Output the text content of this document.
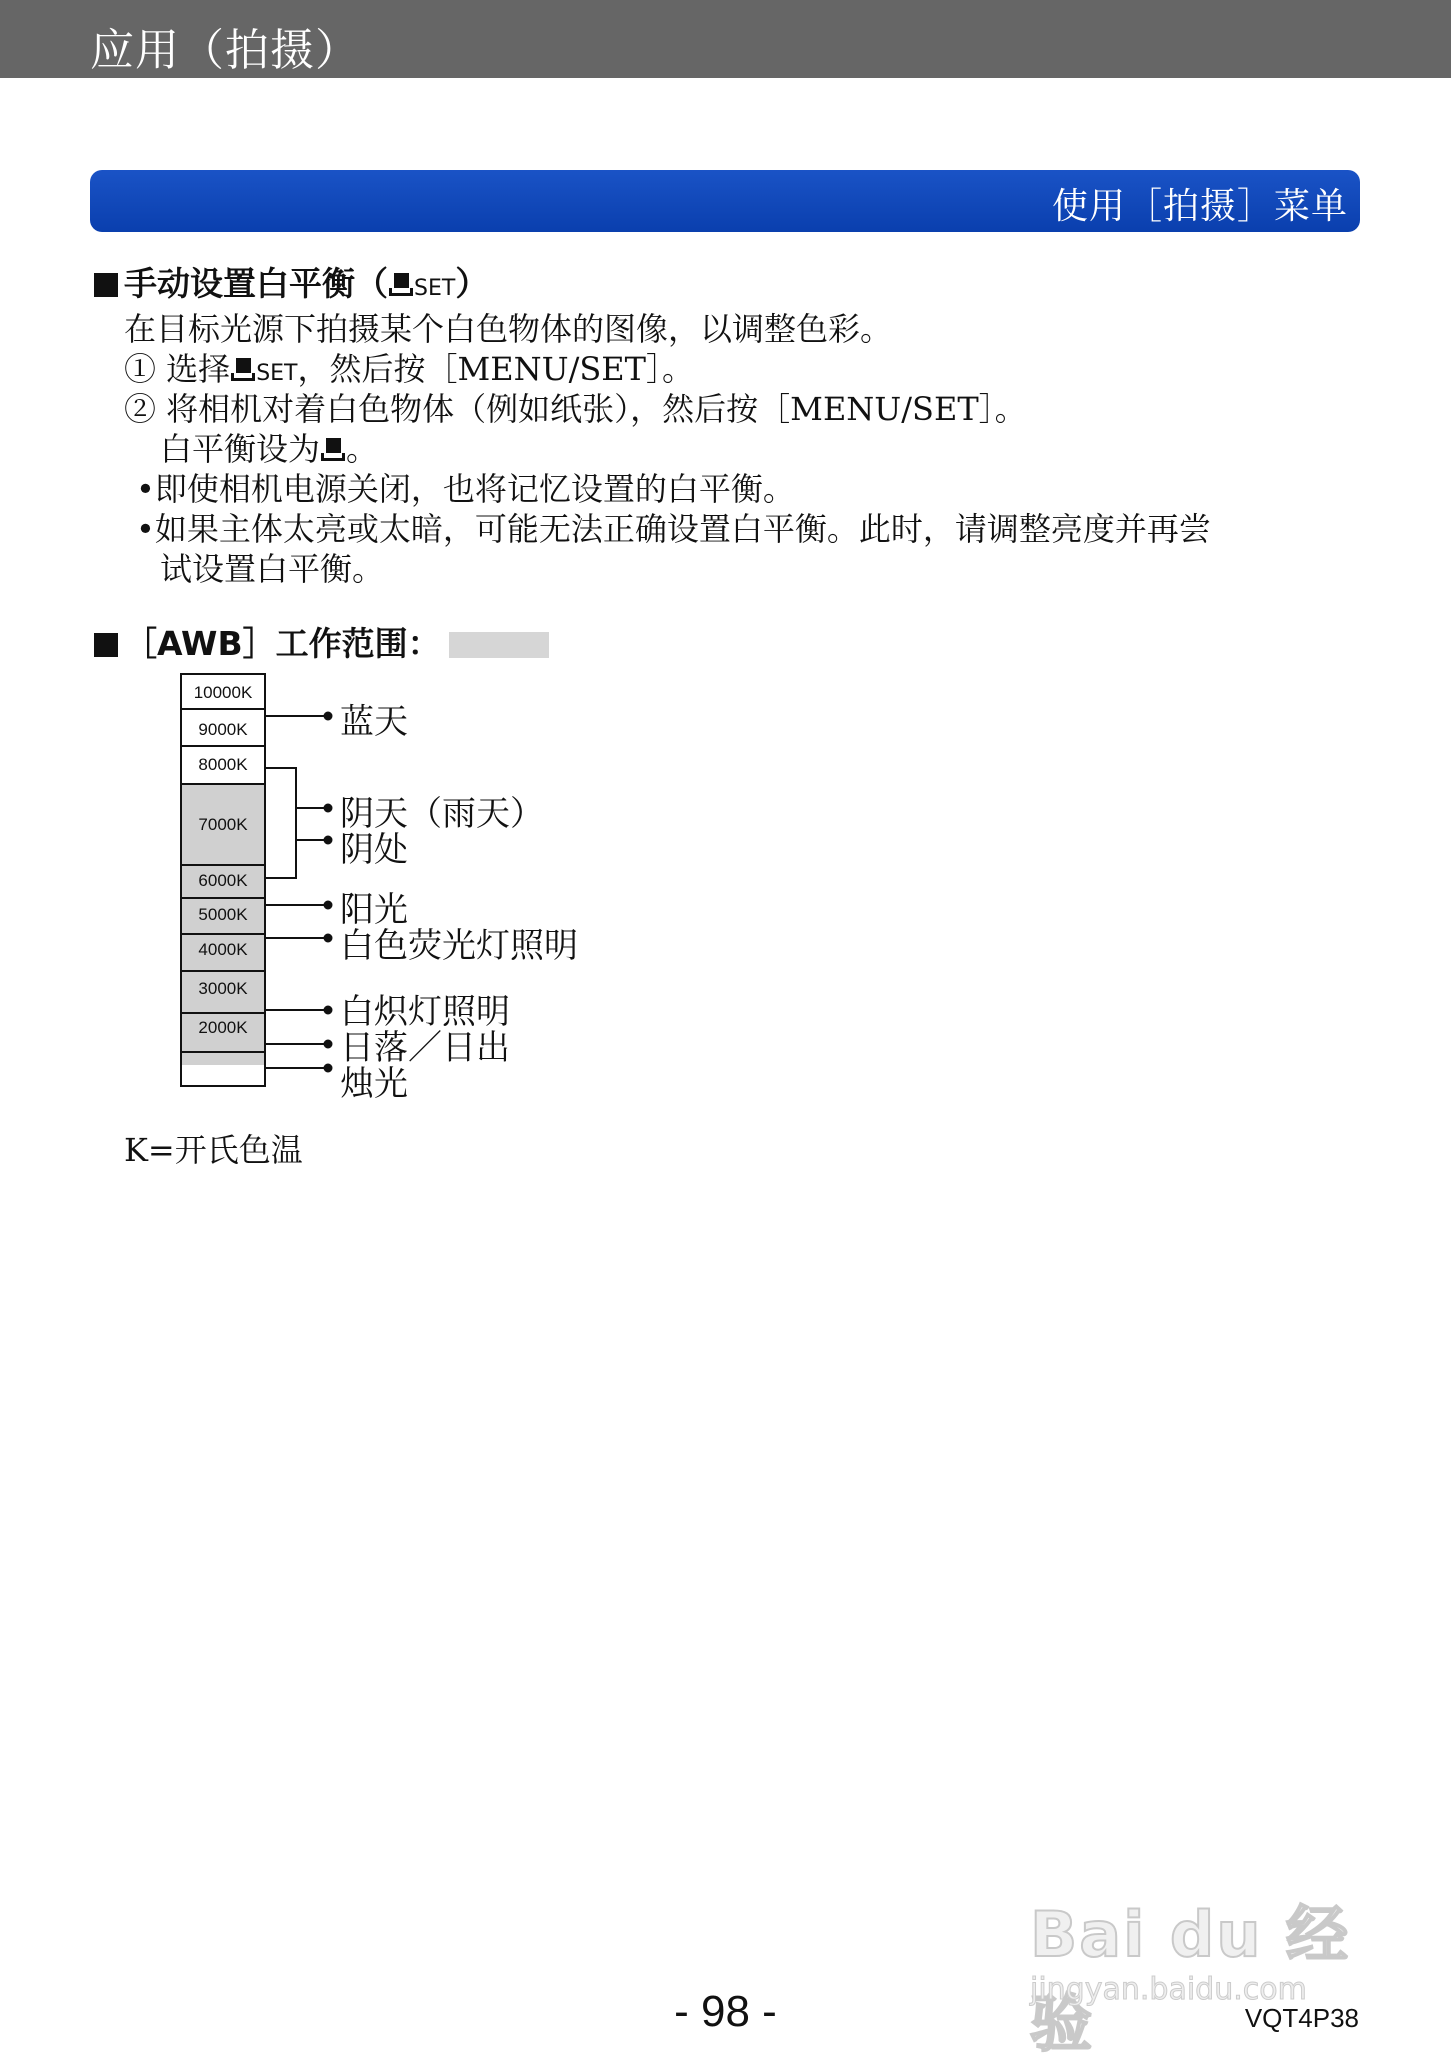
应用（拍摄）
使用［拍摄］菜单
手动设置白平衡（ SET）
在目标光源下拍摄某个白色物体的图像，以调整色彩。
① 选择 SET，然后按［MENU/SET］。
② 将相机对着白色物体（例如纸张），然后按［MENU/SET］。
白平衡设为 。
•即使相机电源关闭，也将记忆设置的白平衡。
•如果主体太亮或太暗，可能无法正确设置白平衡。此时，请调整亮度并再尝
试设置白平衡。
［AWB］工作范围：
10000K
9000K
8000K
7000K
6000K
5000K
4000K
3000K
2000K
蓝天
阴天（雨天）
阴处
阳光
白色荧光灯照明
白炽灯照明
日落／日出
烛光
K=开氏色温
Bai du 经验
jingyan.baidu.com
- 98 -	VQT4P38
